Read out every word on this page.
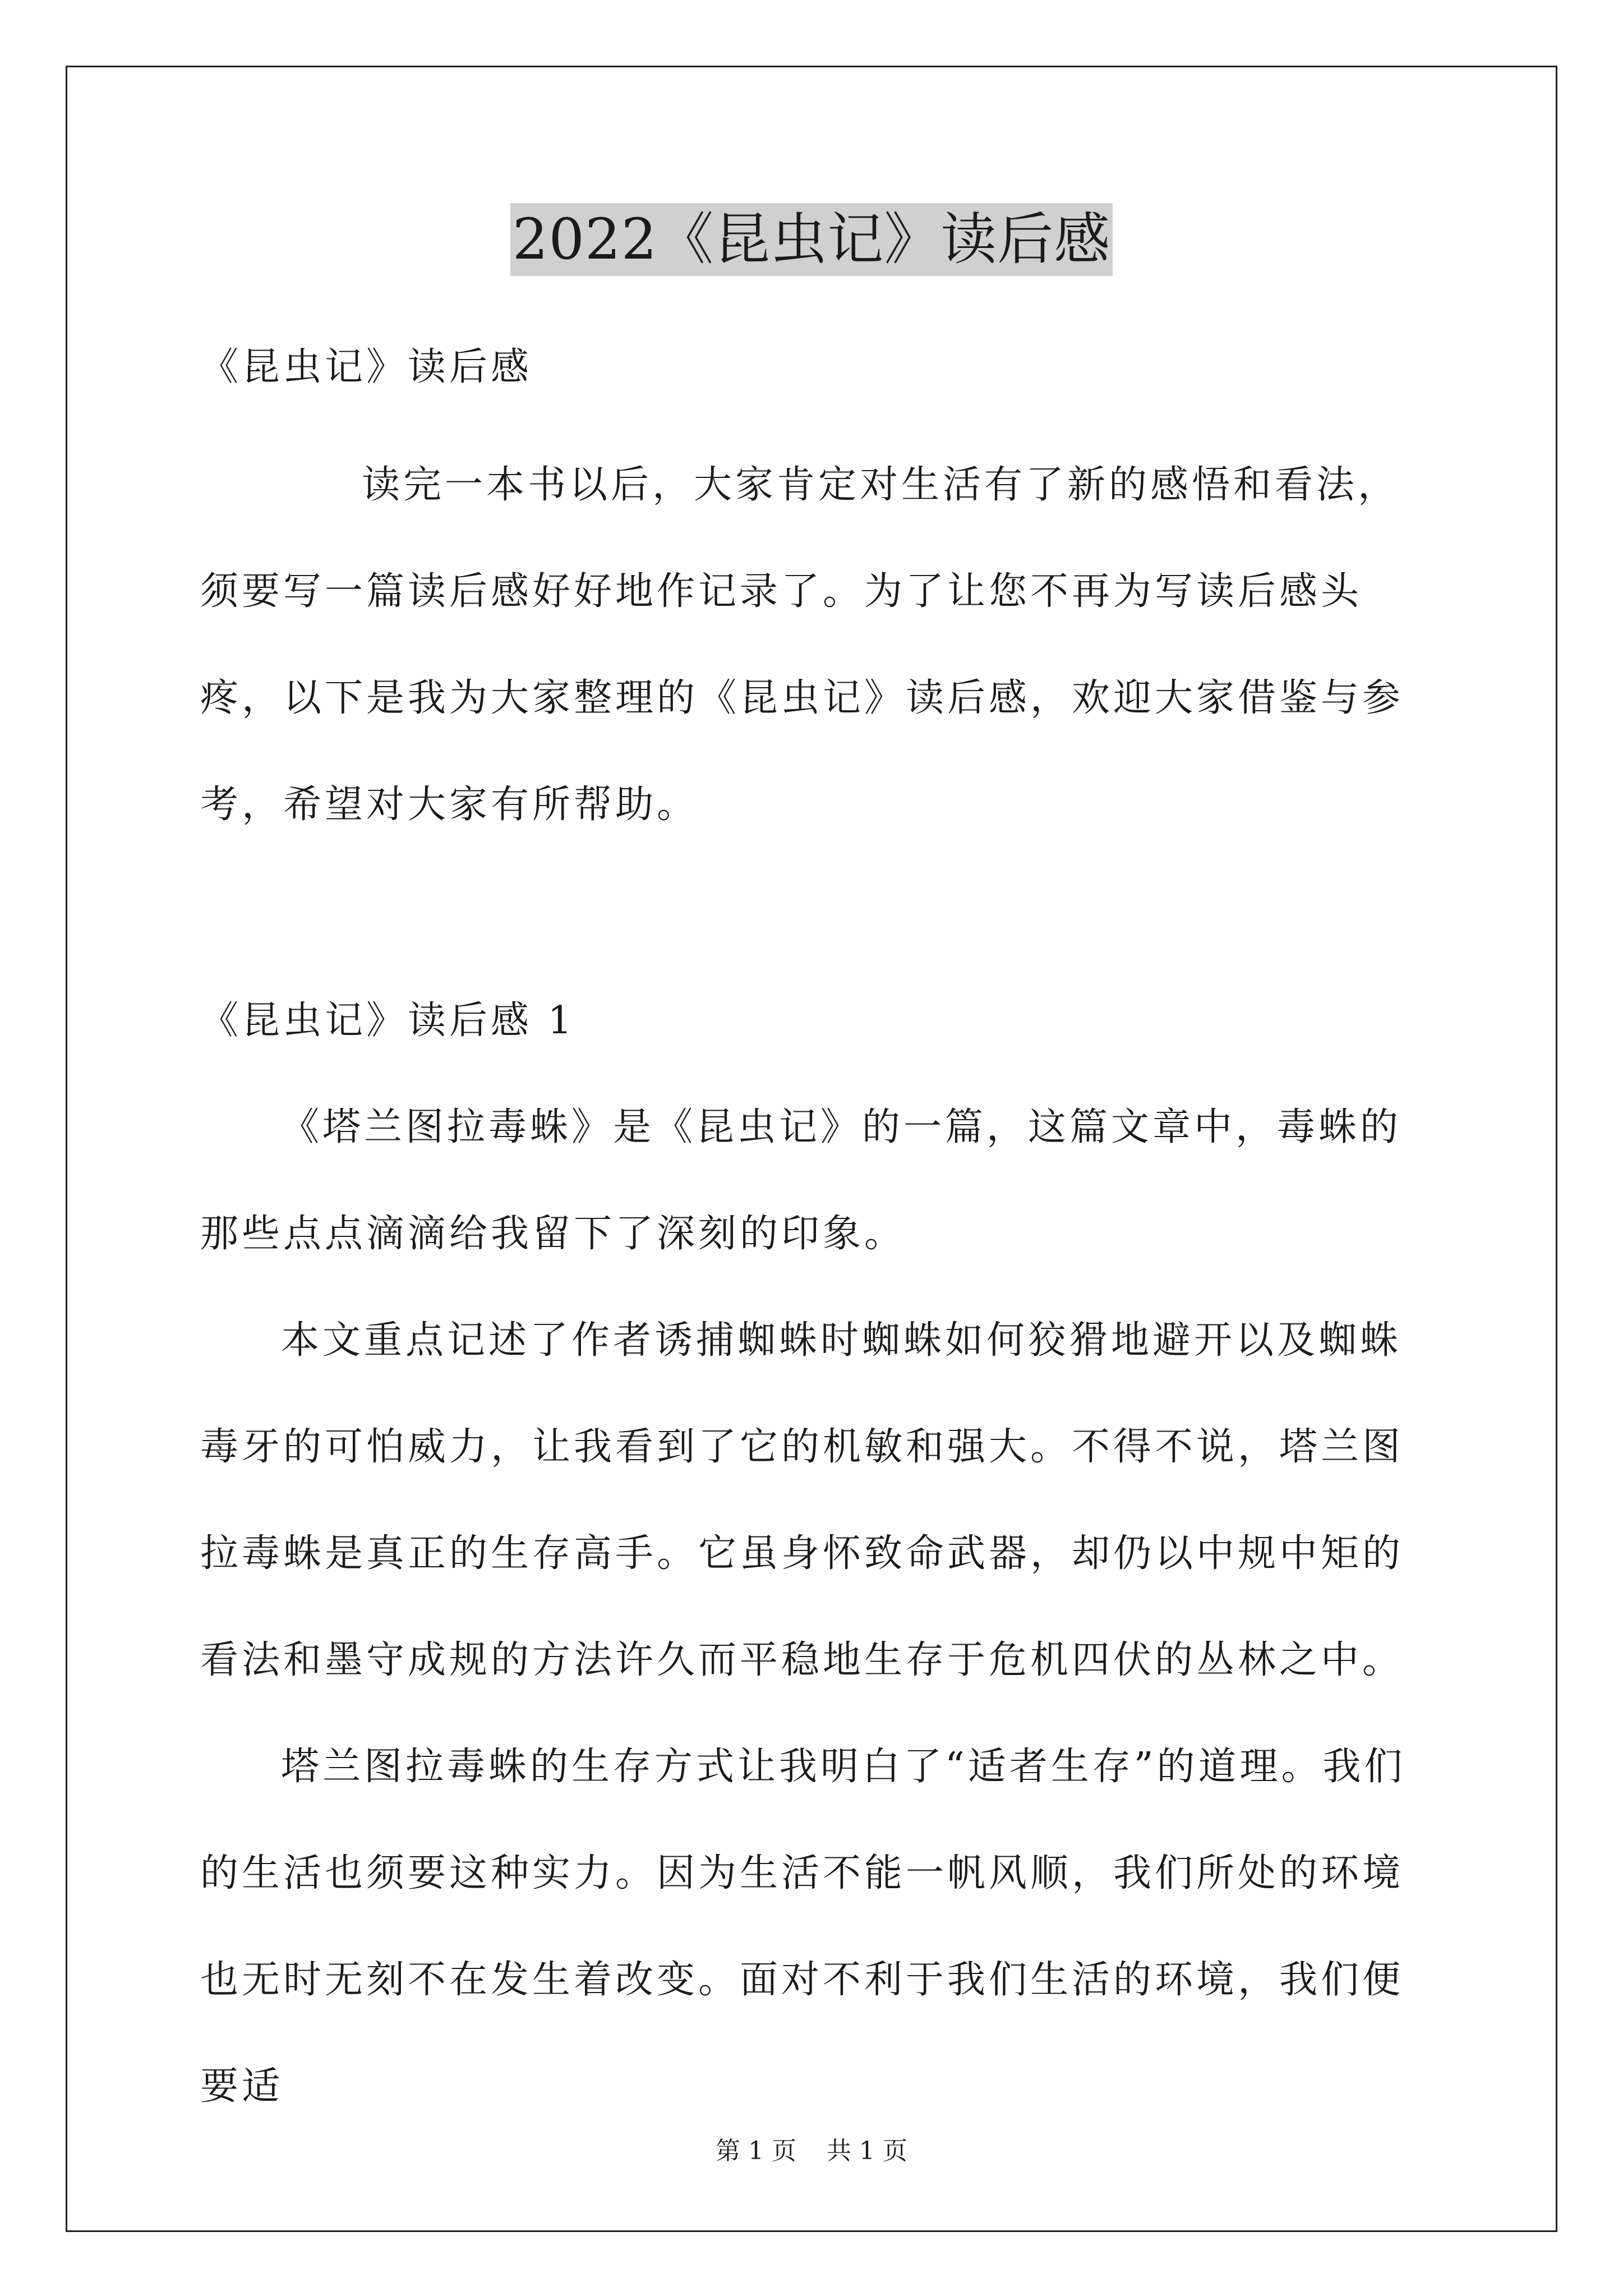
2022《昆虫记》读后感

《昆虫记》读后感

读完一本书以后，大家肯定对生活有了新的感悟和看法，须要写一篇读后感好好地作记录了。为了让您不再为写读后感头疼，以下是我为大家整理的《昆虫记》读后感，欢迎大家借鉴与参考，希望对大家有所帮助。

《昆虫记》读后感 1

《塔兰图拉毒蛛》是《昆虫记》的一篇，这篇文章中，毒蛛的那些点点滴滴给我留下了深刻的印象。

本文重点记述了作者诱捕蜘蛛时蜘蛛如何狡猾地避开以及蜘蛛毒牙的可怕威力，让我看到了它的机敏和强大。不得不说，塔兰图拉毒蛛是真正的生存高手。它虽身怀致命武器，却仍以中规中矩的看法和墨守成规的方法许久而平稳地生存于危机四伏的丛林之中。

塔兰图拉毒蛛的生存方式让我明白了“适者生存”的道理。我们的生活也须要这种实力。因为生活不能一帆风顺，我们所处的环境也无时无刻不在发生着改变。面对不利于我们生活的环境，我们便要适

第 1 页 共 1 页
